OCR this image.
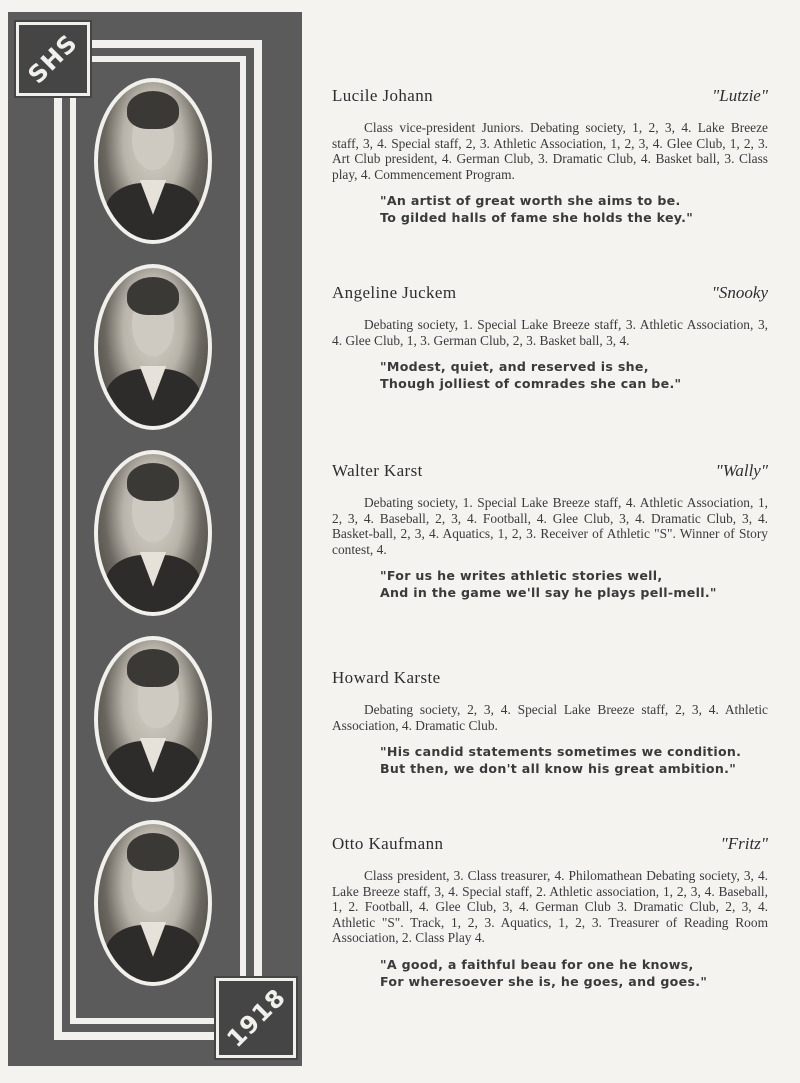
SHS
1918
Lucile Johann	"Lutzie"
Class vice-president Juniors. Debating society, 1, 2, 3, 4. Lake Breeze staff, 3, 4. Special staff, 2, 3. Athletic Association, 1, 2, 3, 4. Glee Club, 1, 2, 3. Art Club president, 4. German Club, 3. Dramatic Club, 4. Basket ball, 3. Class play, 4. Commencement Program.
"An artist of great worth she aims to be.
To gilded halls of fame she holds the key."
Angeline Juckem	"Snooky
Debating society, 1. Special Lake Breeze staff, 3. Athletic Association, 3, 4. Glee Club, 1, 3. German Club, 2, 3. Basket ball, 3, 4.
"Modest, quiet, and reserved is she,
Though jolliest of comrades she can be."
Walter Karst	"Wally"
Debating society, 1. Special Lake Breeze staff, 4. Athletic Association, 1, 2, 3, 4. Baseball, 2, 3, 4. Football, 4. Glee Club, 3, 4. Dramatic Club, 3, 4. Basket-ball, 2, 3, 4. Aquatics, 1, 2, 3. Receiver of Athletic "S". Winner of Story contest, 4.
"For us he writes athletic stories well,
And in the game we'll say he plays pell-mell."
Howard Karste
Debating society, 2, 3, 4. Special Lake Breeze staff, 2, 3, 4. Athletic Association, 4. Dramatic Club.
"His candid statements sometimes we condition.
But then, we don't all know his great ambition."
Otto Kaufmann	"Fritz"
Class president, 3. Class treasurer, 4. Philomathean Debating society, 3, 4. Lake Breeze staff, 3, 4. Special staff, 2. Athletic association, 1, 2, 3, 4. Baseball, 1, 2. Football, 4. Glee Club, 3, 4. German Club 3. Dramatic Club, 2, 3, 4. Athletic "S". Track, 1, 2, 3. Aquatics, 1, 2, 3. Treasurer of Reading Room Association, 2. Class Play 4.
"A good, a faithful beau for one he knows,
For wheresoever she is, he goes, and goes."
